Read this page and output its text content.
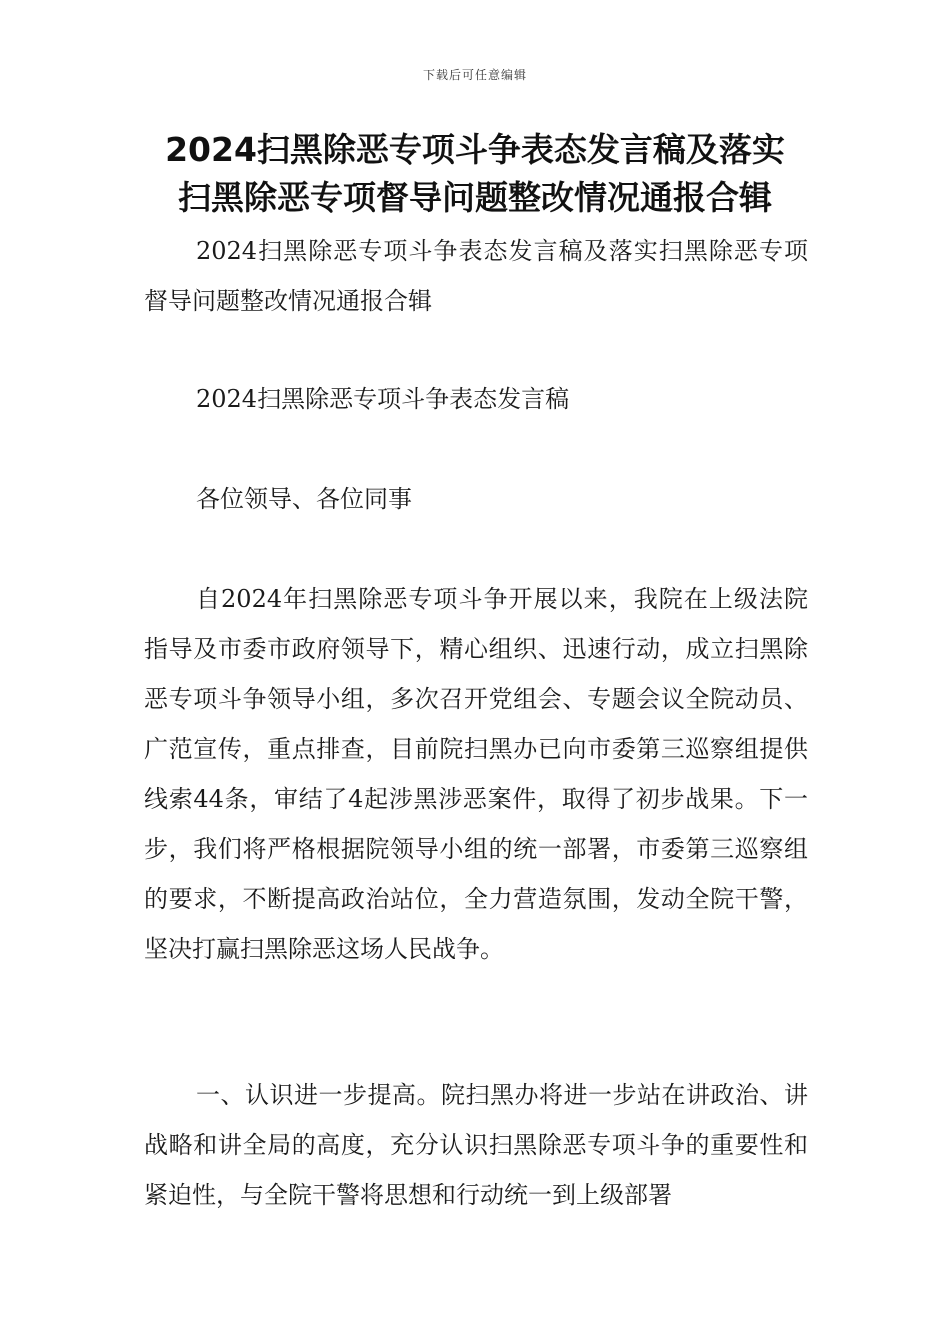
下载后可任意编辑
2024扫黑除恶专项斗争表态发言稿及落实
扫黑除恶专项督导问题整改情况通报合辑

2024扫黑除恶专项斗争表态发言稿及落实扫黑除恶专项督导问题整改情况通报合辑

2024扫黑除恶专项斗争表态发言稿

各位领导、各位同事

自2024年扫黑除恶专项斗争开展以来，我院在上级法院指导及市委市政府领导下，精心组织、迅速行动，成立扫黑除恶专项斗争领导小组，多次召开党组会、专题会议全院动员、广范宣传，重点排查，目前院扫黑办已向市委第三巡察组提供线索44条，审结了4起涉黑涉恶案件，取得了初步战果。下一步，我们将严格根据院领导小组的统一部署，市委第三巡察组的要求，不断提高政治站位，全力营造氛围，发动全院干警，坚决打赢扫黑除恶这场人民战争。

一、认识进一步提高。院扫黑办将进一步站在讲政治、讲战略和讲全局的高度，充分认识扫黑除恶专项斗争的重要性和紧迫性，与全院干警将思想和行动统一到上级部署
